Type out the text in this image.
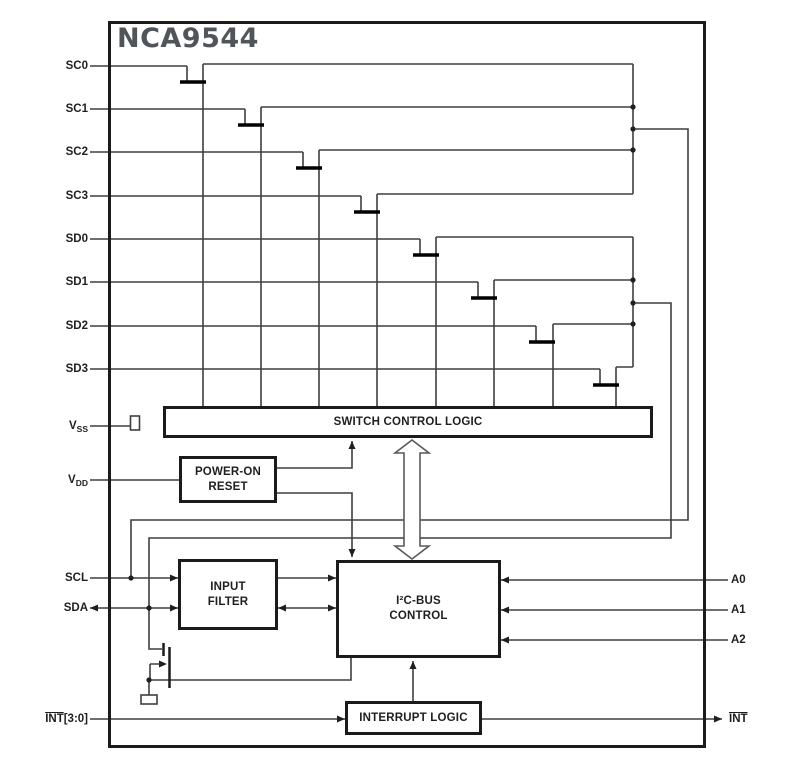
NCA9544
SWITCH CONTROL LOGIC
POWER-ON
RESET
INPUT
FILTER	I²C-BUS
CONTROL
INTERRUPT LOGIC
SC0
SC1
SC2
SC3
SD0
SD1
SD2
SD3
$V_{SS}$
$V_{DD}$
SCL
SDA
$\overline{INT}[3:0]$
A0
A1
A2
$\overline{INT}$
